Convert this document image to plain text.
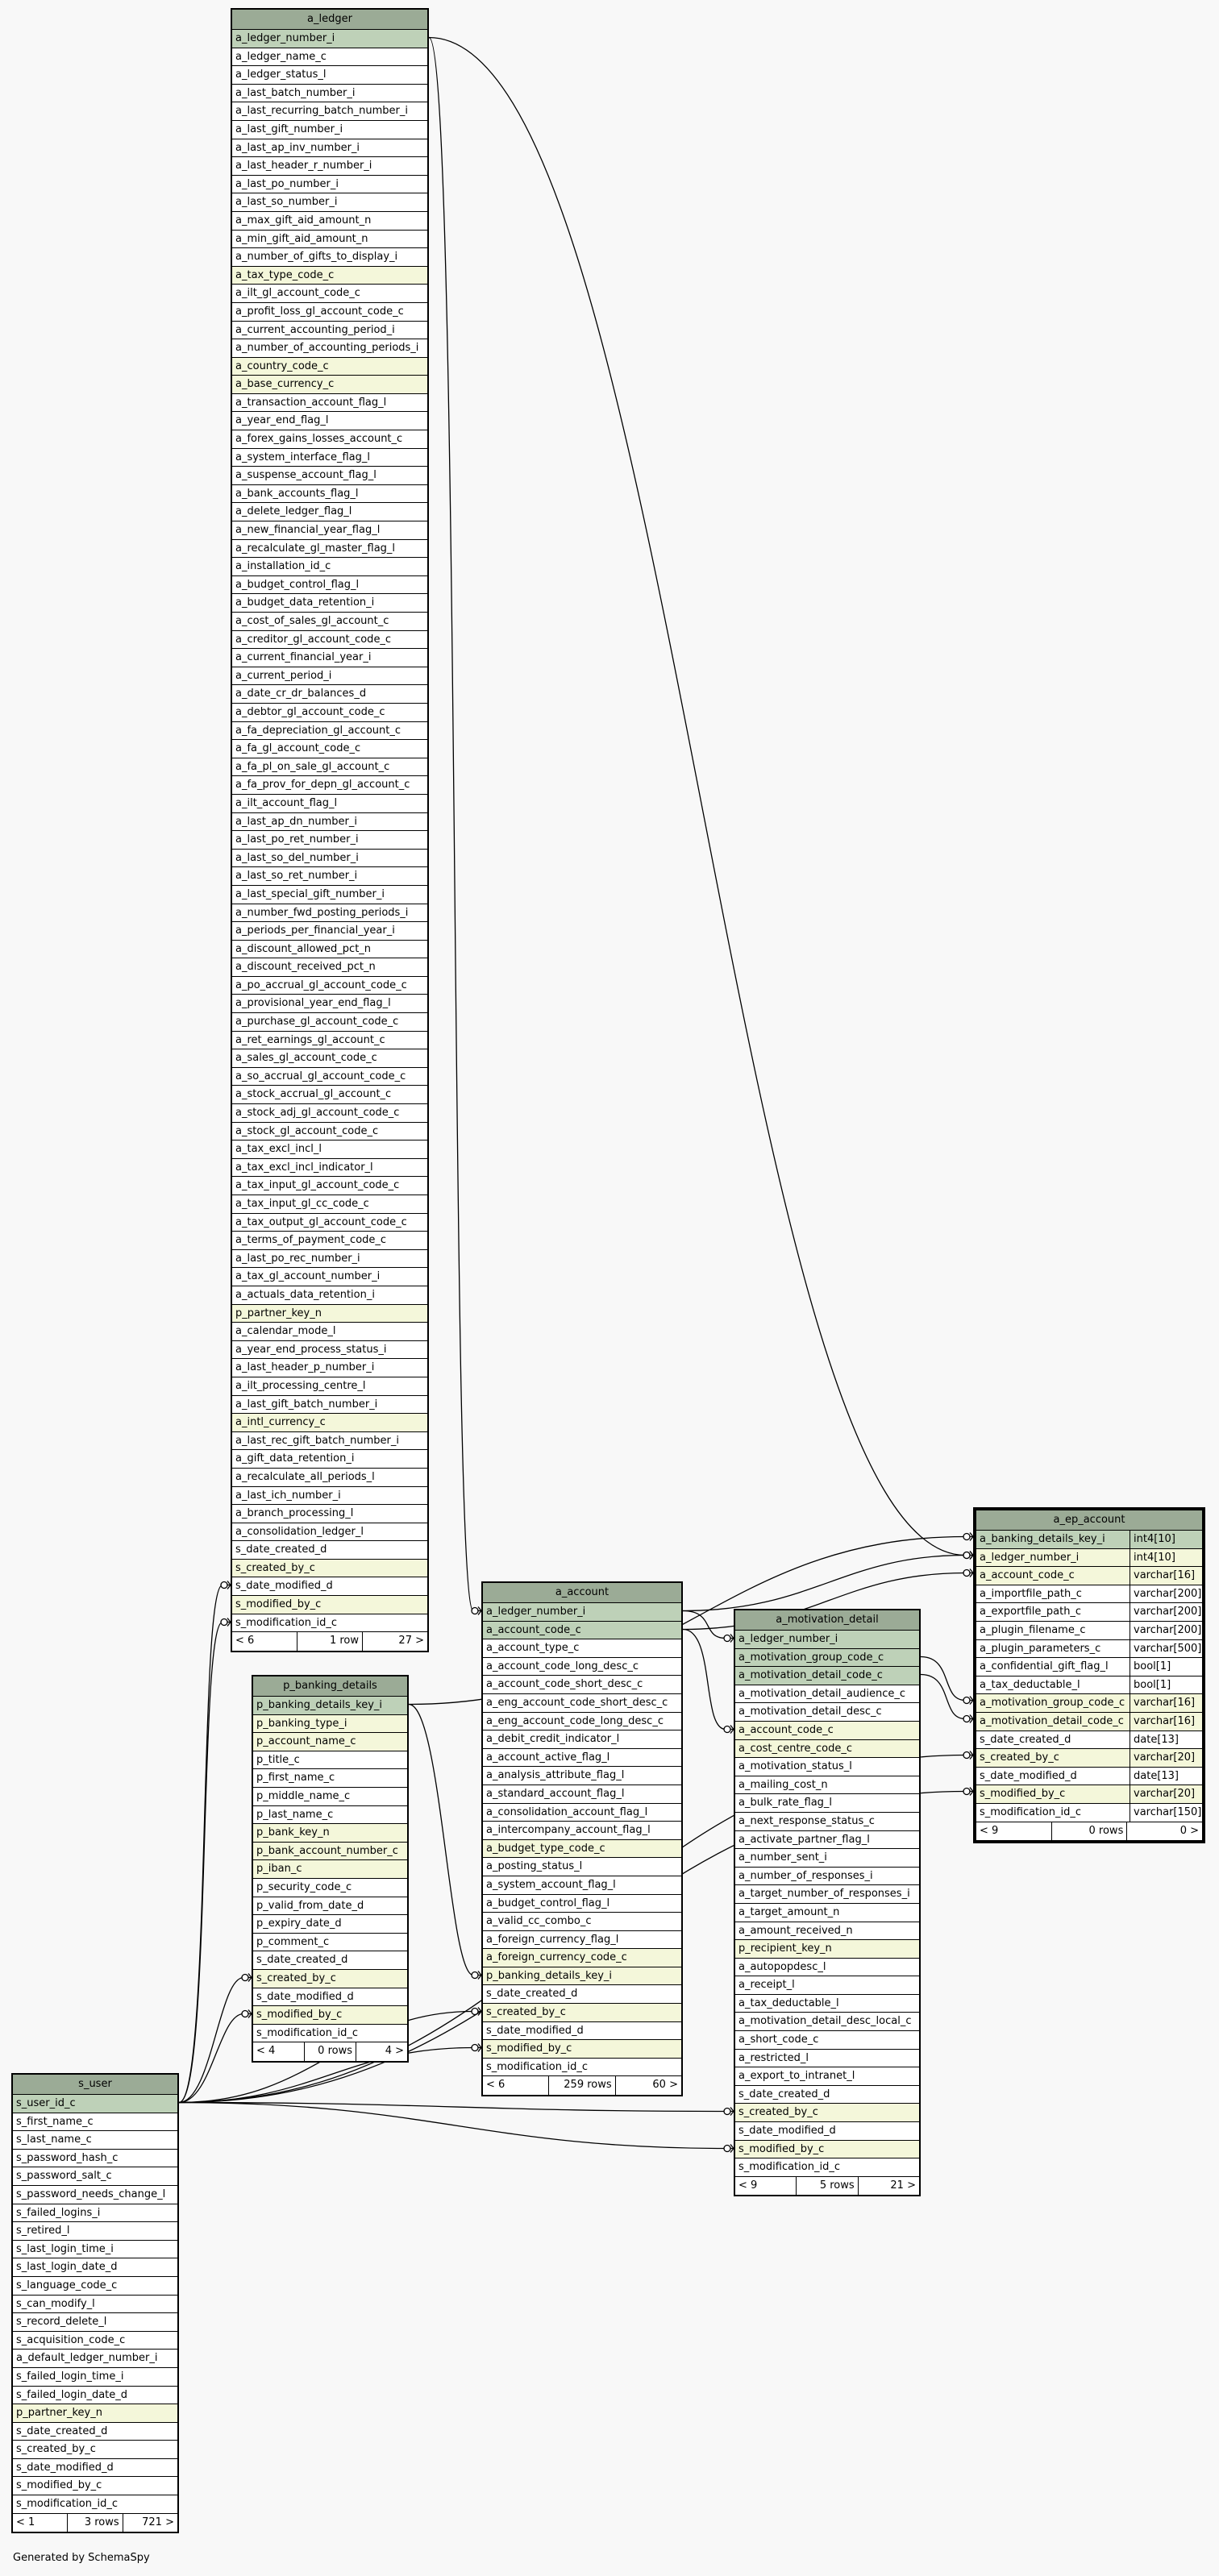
a_ledger
a_ledger_number_i
a_ledger_name_c
a_ledger_status_l
a_last_batch_number_i
a_last_recurring_batch_number_i
a_last_gift_number_i
a_last_ap_inv_number_i
a_last_header_r_number_i
a_last_po_number_i
a_last_so_number_i
a_max_gift_aid_amount_n
a_min_gift_aid_amount_n
a_number_of_gifts_to_display_i
a_tax_type_code_c
a_ilt_gl_account_code_c
a_profit_loss_gl_account_code_c
a_current_accounting_period_i
a_number_of_accounting_periods_i
a_country_code_c
a_base_currency_c
a_transaction_account_flag_l
a_year_end_flag_l
a_forex_gains_losses_account_c
a_system_interface_flag_l
a_suspense_account_flag_l
a_bank_accounts_flag_l
a_delete_ledger_flag_l
a_new_financial_year_flag_l
a_recalculate_gl_master_flag_l
a_installation_id_c
a_budget_control_flag_l
a_budget_data_retention_i
a_cost_of_sales_gl_account_c
a_creditor_gl_account_code_c
a_current_financial_year_i
a_current_period_i
a_date_cr_dr_balances_d
a_debtor_gl_account_code_c
a_fa_depreciation_gl_account_c
a_fa_gl_account_code_c
a_fa_pl_on_sale_gl_account_c
a_fa_prov_for_depn_gl_account_c
a_ilt_account_flag_l
a_last_ap_dn_number_i
a_last_po_ret_number_i
a_last_so_del_number_i
a_last_so_ret_number_i
a_last_special_gift_number_i
a_number_fwd_posting_periods_i
a_periods_per_financial_year_i
a_discount_allowed_pct_n
a_discount_received_pct_n
a_po_accrual_gl_account_code_c
a_provisional_year_end_flag_l
a_purchase_gl_account_code_c
a_ret_earnings_gl_account_c
a_sales_gl_account_code_c
a_so_accrual_gl_account_code_c
a_stock_accrual_gl_account_c
a_stock_adj_gl_account_code_c
a_stock_gl_account_code_c
a_tax_excl_incl_l
a_tax_excl_incl_indicator_l
a_tax_input_gl_account_code_c
a_tax_input_gl_cc_code_c
a_tax_output_gl_account_code_c
a_terms_of_payment_code_c
a_last_po_rec_number_i
a_tax_gl_account_number_i
a_actuals_data_retention_i
p_partner_key_n
a_calendar_mode_l
a_year_end_process_status_i
a_last_header_p_number_i
a_ilt_processing_centre_l
a_last_gift_batch_number_i
a_intl_currency_c
a_last_rec_gift_batch_number_i
a_gift_data_retention_i
a_recalculate_all_periods_l
a_last_ich_number_i
a_branch_processing_l
a_consolidation_ledger_l
s_date_created_d
s_created_by_c
s_date_modified_d
s_modified_by_c
s_modification_id_c
< 6	1 row	27 >
a_account
a_ledger_number_i
a_account_code_c
a_account_type_c
a_account_code_long_desc_c
a_account_code_short_desc_c
a_eng_account_code_short_desc_c
a_eng_account_code_long_desc_c
a_debit_credit_indicator_l
a_account_active_flag_l
a_analysis_attribute_flag_l
a_standard_account_flag_l
a_consolidation_account_flag_l
a_intercompany_account_flag_l
a_budget_type_code_c
a_posting_status_l
a_system_account_flag_l
a_budget_control_flag_l
a_valid_cc_combo_c
a_foreign_currency_flag_l
a_foreign_currency_code_c
p_banking_details_key_i
s_date_created_d
s_created_by_c
s_date_modified_d
s_modified_by_c
s_modification_id_c
< 6	259 rows	60 >
p_banking_details
p_banking_details_key_i
p_banking_type_i
p_account_name_c
p_title_c
p_first_name_c
p_middle_name_c
p_last_name_c
p_bank_key_n
p_bank_account_number_c
p_iban_c
p_security_code_c
p_valid_from_date_d
p_expiry_date_d
p_comment_c
s_date_created_d
s_created_by_c
s_date_modified_d
s_modified_by_c
s_modification_id_c
< 4	0 rows	4 >
a_motivation_detail
a_ledger_number_i
a_motivation_group_code_c
a_motivation_detail_code_c
a_motivation_detail_audience_c
a_motivation_detail_desc_c
a_account_code_c
a_cost_centre_code_c
a_motivation_status_l
a_mailing_cost_n
a_bulk_rate_flag_l
a_next_response_status_c
a_activate_partner_flag_l
a_number_sent_i
a_number_of_responses_i
a_target_number_of_responses_i
a_target_amount_n
a_amount_received_n
p_recipient_key_n
a_autopopdesc_l
a_receipt_l
a_tax_deductable_l
a_motivation_detail_desc_local_c
a_short_code_c
a_restricted_l
a_export_to_intranet_l
s_date_created_d
s_created_by_c
s_date_modified_d
s_modified_by_c
s_modification_id_c
< 9	5 rows	21 >
a_ep_account
a_banking_details_key_i	int4[10]
a_ledger_number_i	int4[10]
a_account_code_c	varchar[16]
a_importfile_path_c	varchar[200]
a_exportfile_path_c	varchar[200]
a_plugin_filename_c	varchar[200]
a_plugin_parameters_c	varchar[500]
a_confidential_gift_flag_l	bool[1]
a_tax_deductable_l	bool[1]
a_motivation_group_code_c varchar[16]
a_motivation_detail_code_c varchar[16]
s_date_created_d	date[13]
s_created_by_c	varchar[20]
s_date_modified_d	date[13]
s_modified_by_c	varchar[20]
s_modification_id_c	varchar[150]
< 9	0 rows	0 >
s_user
s_user_id_c
s_first_name_c
s_last_name_c
s_password_hash_c
s_password_salt_c
s_password_needs_change_l
s_failed_logins_i
s_retired_l
s_last_login_time_i
s_last_login_date_d
s_language_code_c
s_can_modify_l
s_record_delete_l
s_acquisition_code_c
a_default_ledger_number_i
s_failed_login_time_i
s_failed_login_date_d
p_partner_key_n
s_date_created_d
s_created_by_c
s_date_modified_d
s_modified_by_c
s_modification_id_c
< 1	3 rows	721 >
Generated by SchemaSpy
